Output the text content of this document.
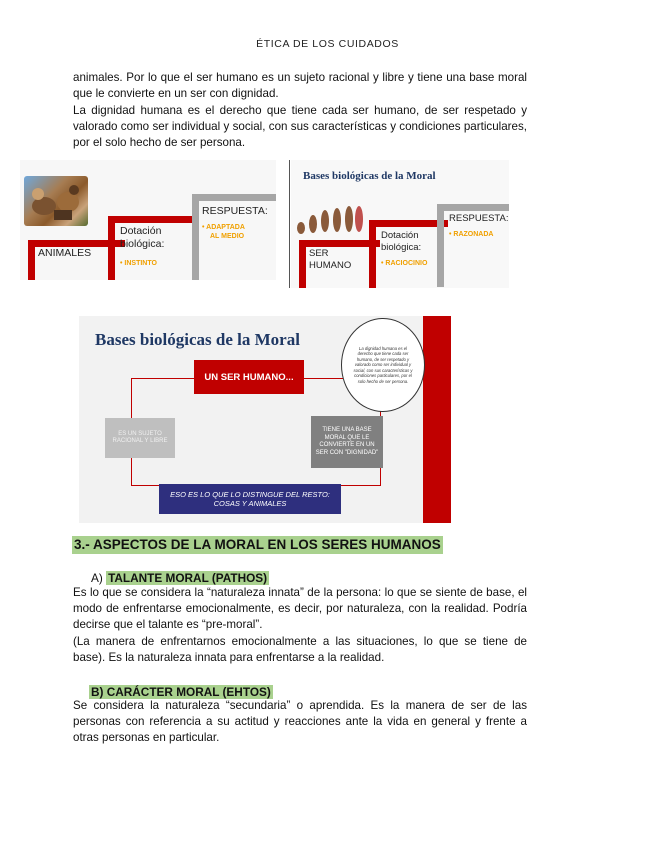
ÉTICA DE LOS CUIDADOS
animales. Por lo que el ser humano es un sujeto racional y libre y tiene una base moral que le convierte en un ser con dignidad.
La dignidad humana es el derecho que tiene cada ser humano, de ser respetado y valorado como ser individual y social, con sus características y condiciones particulares, por el solo hecho de ser persona.
ANIMALES
Dotación
biológica:
• INSTINTO
RESPUESTA:
• ADAPTADA
AL MEDIO
Bases biológicas de la Moral
SER
HUMANO
Dotación
biológica:
• RACIOCINIO
RESPUESTA:
• RAZONADA
Bases biológicas de la Moral
UN SER HUMANO...
ES UN SUJETO RACIONAL Y LIBRE
TIENE UNA BASE MORAL QUE LE CONVIERTE EN UN SER CON "DIGNIDAD"
ESO ES LO QUE LO DISTINGUE DEL RESTO: COSAS Y ANIMALES
La dignidad humana es el derecho que tiene cada ser humano, de ser respetado y valorado como ser individual y social, con sus características y condiciones particulares, por el solo hecho de ser persona.
3.- ASPECTOS DE LA MORAL EN LOS SERES HUMANOS
A) TALANTE MORAL (PATHOS)
Es lo que se considera la “naturaleza innata” de la persona: lo que se siente de base, el modo de enfrentarse emocionalmente, es decir, por naturaleza, con la realidad. Podría decirse que el talante es “pre-moral”.
(La manera de enfrentarnos emocionalmente a las situaciones, lo que se tiene de base). Es la naturaleza innata para enfrentarse a la realidad.
B) CARÁCTER MORAL (EHTOS)
Se considera la naturaleza “secundaria” o aprendida. Es la manera de ser de las personas con referencia a su actitud y reacciones ante la vida en general y frente a otras personas en particular.
